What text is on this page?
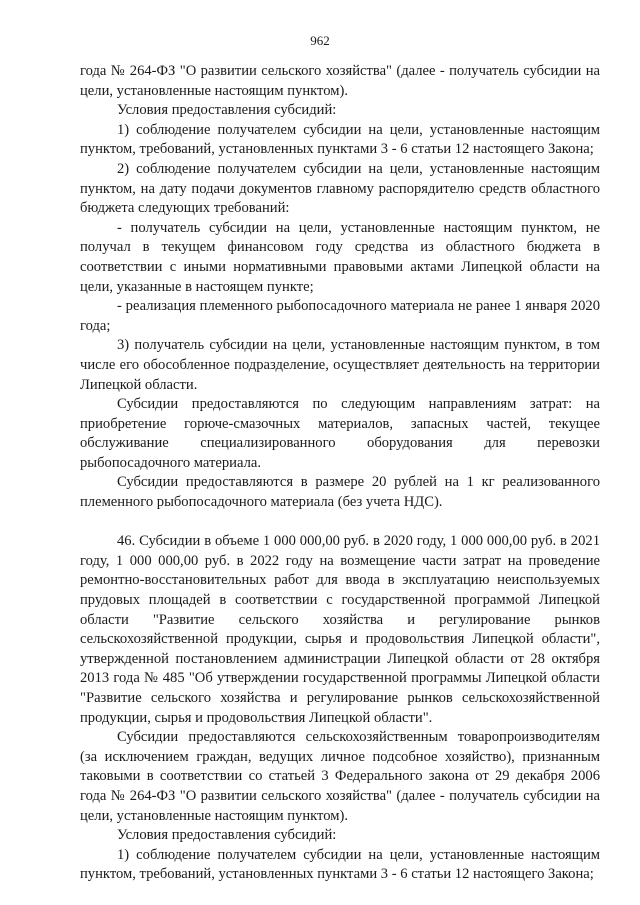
962

года № 264-ФЗ "О развитии сельского хозяйства" (далее - получатель субсидии на цели, установленные настоящим пунктом).

Условия предоставления субсидий:

1) соблюдение получателем субсидии на цели, установленные настоящим пунктом, требований, установленных пунктами 3 - 6 статьи 12 настоящего Закона;

2) соблюдение получателем субсидии на цели, установленные настоящим пунктом, на дату подачи документов главному распорядителю средств областного бюджета следующих требований:

- получатель субсидии на цели, установленные настоящим пунктом, не получал в текущем финансовом году средства из областного бюджета в соответствии с иными нормативными правовыми актами Липецкой области на цели, указанные в настоящем пункте;

- реализация племенного рыбопосадочного материала не ранее 1 января 2020 года;

3) получатель субсидии на цели, установленные настоящим пунктом, в том числе его обособленное подразделение, осуществляет деятельность на территории Липецкой области.

Субсидии предоставляются по следующим направлениям затрат: на приобретение горюче-смазочных материалов, запасных частей, текущее обслуживание специализированного оборудования для перевозки рыбопосадочного материала.

Субсидии предоставляются в размере 20 рублей на 1 кг реализованного племенного рыбопосадочного материала (без учета НДС).

46. Субсидии в объеме 1 000 000,00 руб. в 2020 году, 1 000 000,00 руб. в 2021 году, 1 000 000,00 руб. в 2022 году на возмещение части затрат на проведение ремонтно-восстановительных работ для ввода в эксплуатацию неиспользуемых прудовых площадей в соответствии с государственной программой Липецкой области "Развитие сельского хозяйства и регулирование рынков сельскохозяйственной продукции, сырья и продовольствия Липецкой области", утвержденной постановлением администрации Липецкой области от 28 октября 2013 года № 485 "Об утверждении государственной программы Липецкой области "Развитие сельского хозяйства и регулирование рынков сельскохозяйственной продукции, сырья и продовольствия Липецкой области".

Субсидии предоставляются сельскохозяйственным товаропроизводителям (за исключением граждан, ведущих личное подсобное хозяйство), признанным таковыми в соответствии со статьей 3 Федерального закона от 29 декабря 2006 года № 264-ФЗ "О развитии сельского хозяйства" (далее - получатель субсидии на цели, установленные настоящим пунктом).

Условия предоставления субсидий:

1) соблюдение получателем субсидии на цели, установленные настоящим пунктом, требований, установленных пунктами 3 - 6 статьи 12 настоящего Закона;
